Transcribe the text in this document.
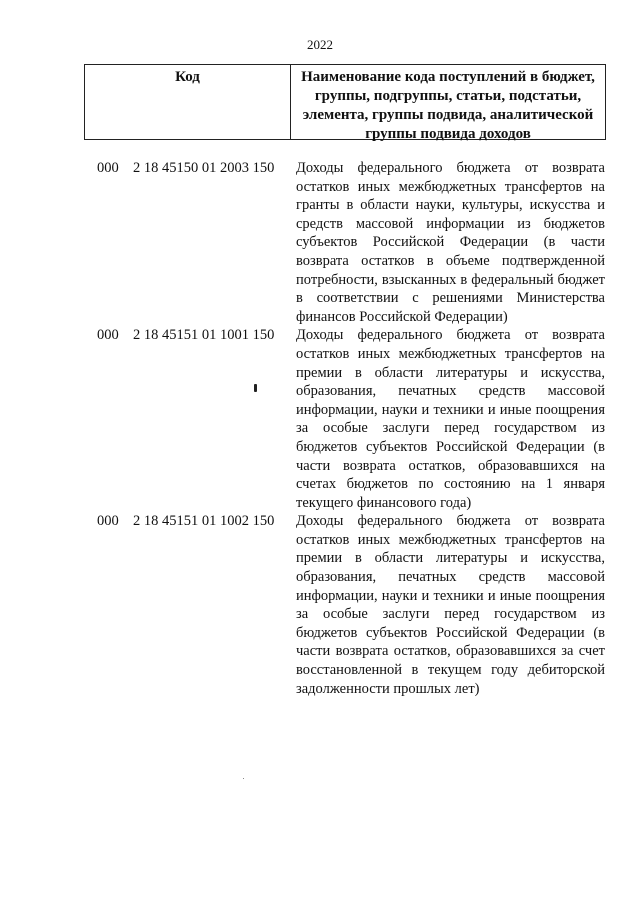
2022
Код	Наименование кода поступлений в бюджет, группы, подгруппы, статьи, подстатьи, элемента, группы подвида, аналитической группы подвида доходов
000 2 18 45150 01 2003 150	Доходы федерального бюджета от возврата остатков иных межбюджетных трансфертов на гранты в области науки, культуры, искусства и средств массовой информации из бюджетов субъектов Российской Федерации (в части возврата остатков в объеме подтвержденной потребности, взысканных в федеральный бюджет в соответствии с решениями Министерства финансов Российской Федерации)
000 2 18 45151 01 1001 150	Доходы федерального бюджета от возврата остатков иных межбюджетных трансфертов на премии в области литературы и искусства, образования, печатных средств массовой информации, науки и техники и иные поощрения за особые заслуги перед государством из бюджетов субъектов Российской Федерации (в части возврата остатков, образовавшихся на счетах бюджетов по состоянию на 1 января текущего финансового года)
000 2 18 45151 01 1002 150	Доходы федерального бюджета от возврата остатков иных межбюджетных трансфертов на премии в области литературы и искусства, образования, печатных средств массовой информации, науки и техники и иные поощрения за особые заслуги перед государством из бюджетов субъектов Российской Федерации (в части возврата остатков, образовавшихся за счет восстановленной в текущем году дебиторской задолженности прошлых лет)
